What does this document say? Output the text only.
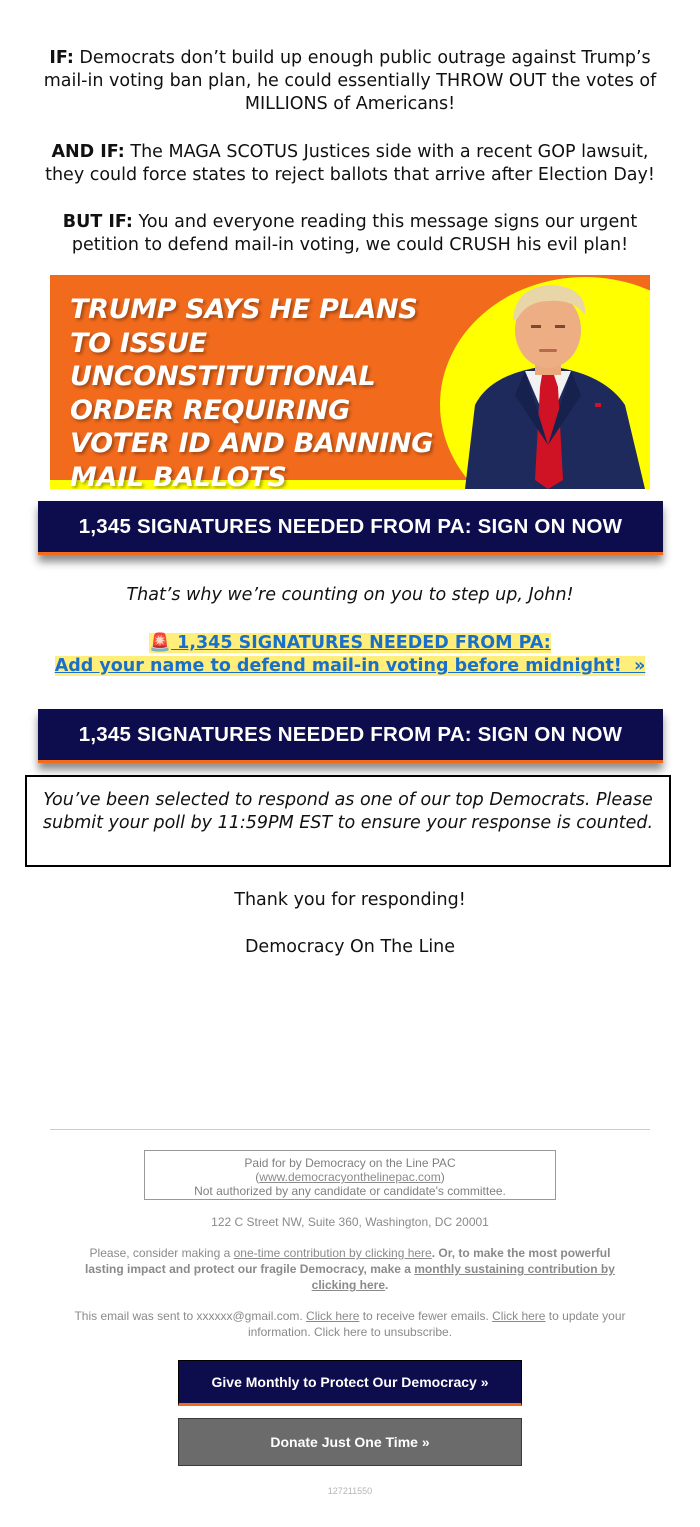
IF: Democrats don’t build up enough public outrage against Trump’s mail-in voting ban plan, he could essentially THROW OUT the votes of MILLIONS of Americans!

AND IF: The MAGA SCOTUS Justices side with a recent GOP lawsuit, they could force states to reject ballots that arrive after Election Day!

BUT IF: You and everyone reading this message signs our urgent petition to defend mail-in voting, we could CRUSH his evil plan!

TRUMP SAYS HE PLANS TO ISSUE UNCONSTITUTIONAL ORDER REQUIRING VOTER ID AND BANNING MAIL BALLOTS
1,345 SIGNATURES NEEDED FROM PA: SIGN ON NOW
That’s why we’re counting on you to step up, John!
🚨 1,345 SIGNATURES NEEDED FROM PA:
Add your name to defend mail-in voting before midnight! »
1,345 SIGNATURES NEEDED FROM PA: SIGN ON NOW
You’ve been selected to respond as one of our top Democrats. Please submit your poll by 11:59PM EST to ensure your response is counted.
Thank you for responding!
Democracy On The Line
Paid for by Democracy on the Line PAC
(www.democracyonthelinepac.com)
Not authorized by any candidate or candidate's committee.
122 C Street NW, Suite 360, Washington, DC 20001
Please, consider making a one-time contribution by clicking here. Or, to make the most powerful lasting impact and protect our fragile Democracy, make a monthly sustaining contribution by clicking here.
This email was sent to xxxxxx@gmail.com. Click here to receive fewer emails. Click here to update your information. Click here to unsubscribe.
Give Monthly to Protect Our Democracy »
Donate Just One Time »
127211550
